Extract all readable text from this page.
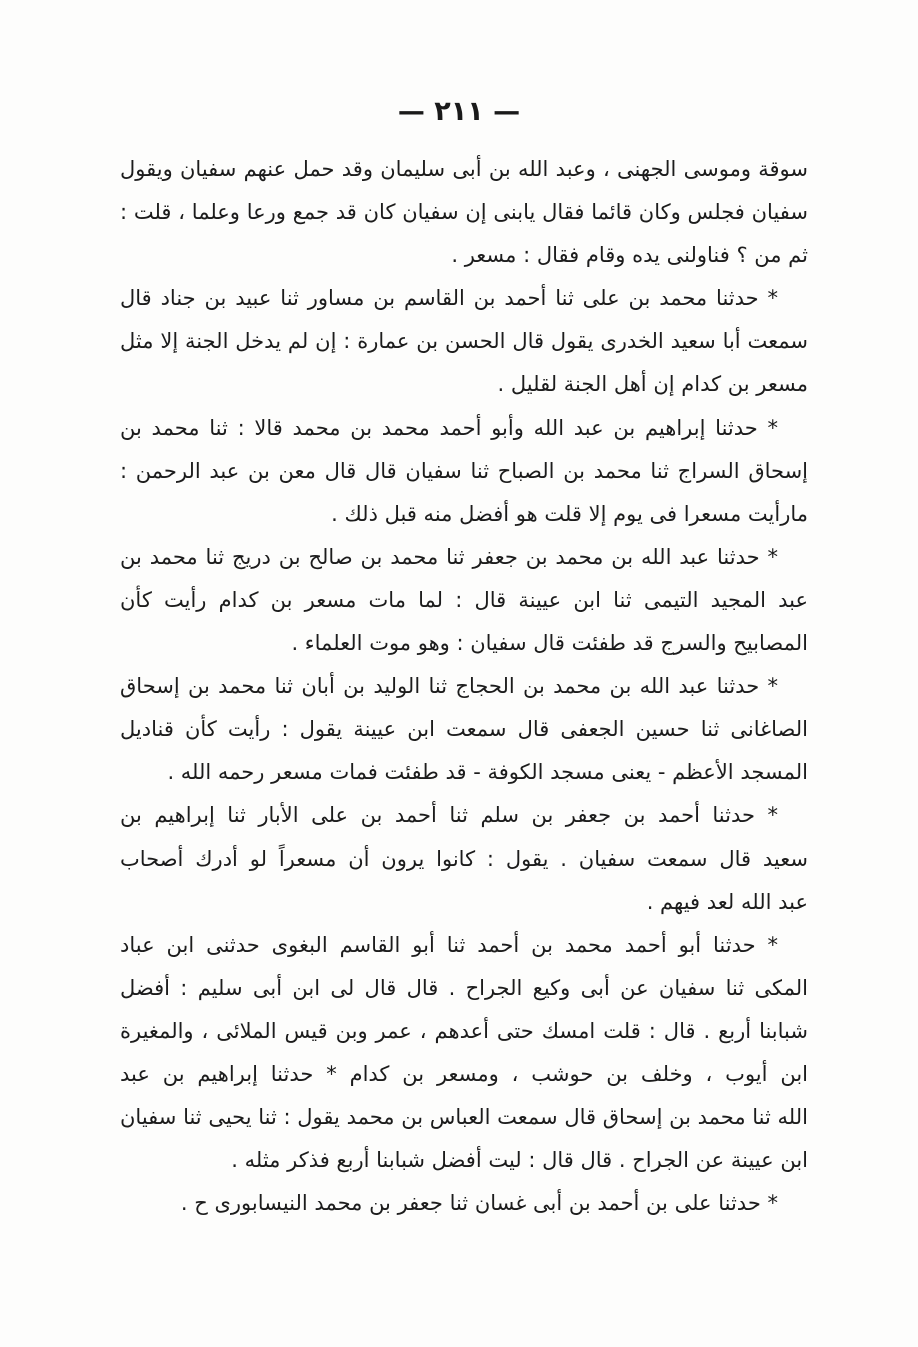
— ٢١١ —
سوقة وموسى الجهنى ، وعبد الله بن أبى سليمان وقد حمل عنهم سفيان ويقول
سفيان فجلس وكان قائما فقال يابنى إن سفيان كان قد جمع ورعا وعلما ، قلت :
ثم من ؟ فناولنى يده وقام فقال : مسعر .
* حدثنا محمد بن على ثنا أحمد بن القاسم بن مساور ثنا عبيد بن جناد قال
سمعت أبا سعيد الخدرى يقول قال الحسن بن عمارة : إن لم يدخل الجنة إلا مثل
مسعر بن كدام إن أهل الجنة لقليل .
* حدثنا إبراهيم بن عبد الله وأبو أحمد محمد بن محمد قالا : ثنا محمد بن
إسحاق السراج ثنا محمد بن الصباح ثنا سفيان قال قال معن بن عبد الرحمن :
مارأيت مسعرا فى يوم إلا قلت هو أفضل منه قبل ذلك .
* حدثنا عبد الله بن محمد بن جعفر ثنا محمد بن صالح بن دريج ثنا محمد بن
عبد المجيد التيمى ثنا ابن عيينة قال : لما مات مسعر بن كدام رأيت كأن
المصابيح والسرج قد طفئت قال سفيان : وهو موت العلماء .
* حدثنا عبد الله بن محمد بن الحجاج ثنا الوليد بن أبان ثنا محمد بن إسحاق
الصاغانى ثنا حسين الجعفى قال سمعت ابن عيينة يقول : رأيت كأن قناديل
المسجد الأعظم - يعنى مسجد الكوفة - قد طفئت فمات مسعر رحمه الله .
* حدثنا أحمد بن جعفر بن سلم ثنا أحمد بن على الأبار ثنا إبراهيم بن
سعيد قال سمعت سفيان . يقول : كانوا يرون أن مسعراً لو أدرك أصحاب
عبد الله لعد فيهم .
* حدثنا أبو أحمد محمد بن أحمد ثنا أبو القاسم البغوى حدثنى ابن عباد
المكى ثنا سفيان عن أبى وكيع الجراح . قال قال لى ابن أبى سليم : أفضل
شبابنا أربع . قال : قلت امسك حتى أعدهم ، عمر وبن قيس الملائى ، والمغيرة
ابن أيوب ، وخلف بن حوشب ، ومسعر بن كدام * حدثنا إبراهيم بن عبد
الله ثنا محمد بن إسحاق قال سمعت العباس بن محمد يقول : ثنا يحيى ثنا سفيان
ابن عيينة عن الجراح . قال قال : ليت أفضل شبابنا أربع فذكر مثله .
* حدثنا على بن أحمد بن أبى غسان ثنا جعفر بن محمد النيسابورى ح .
